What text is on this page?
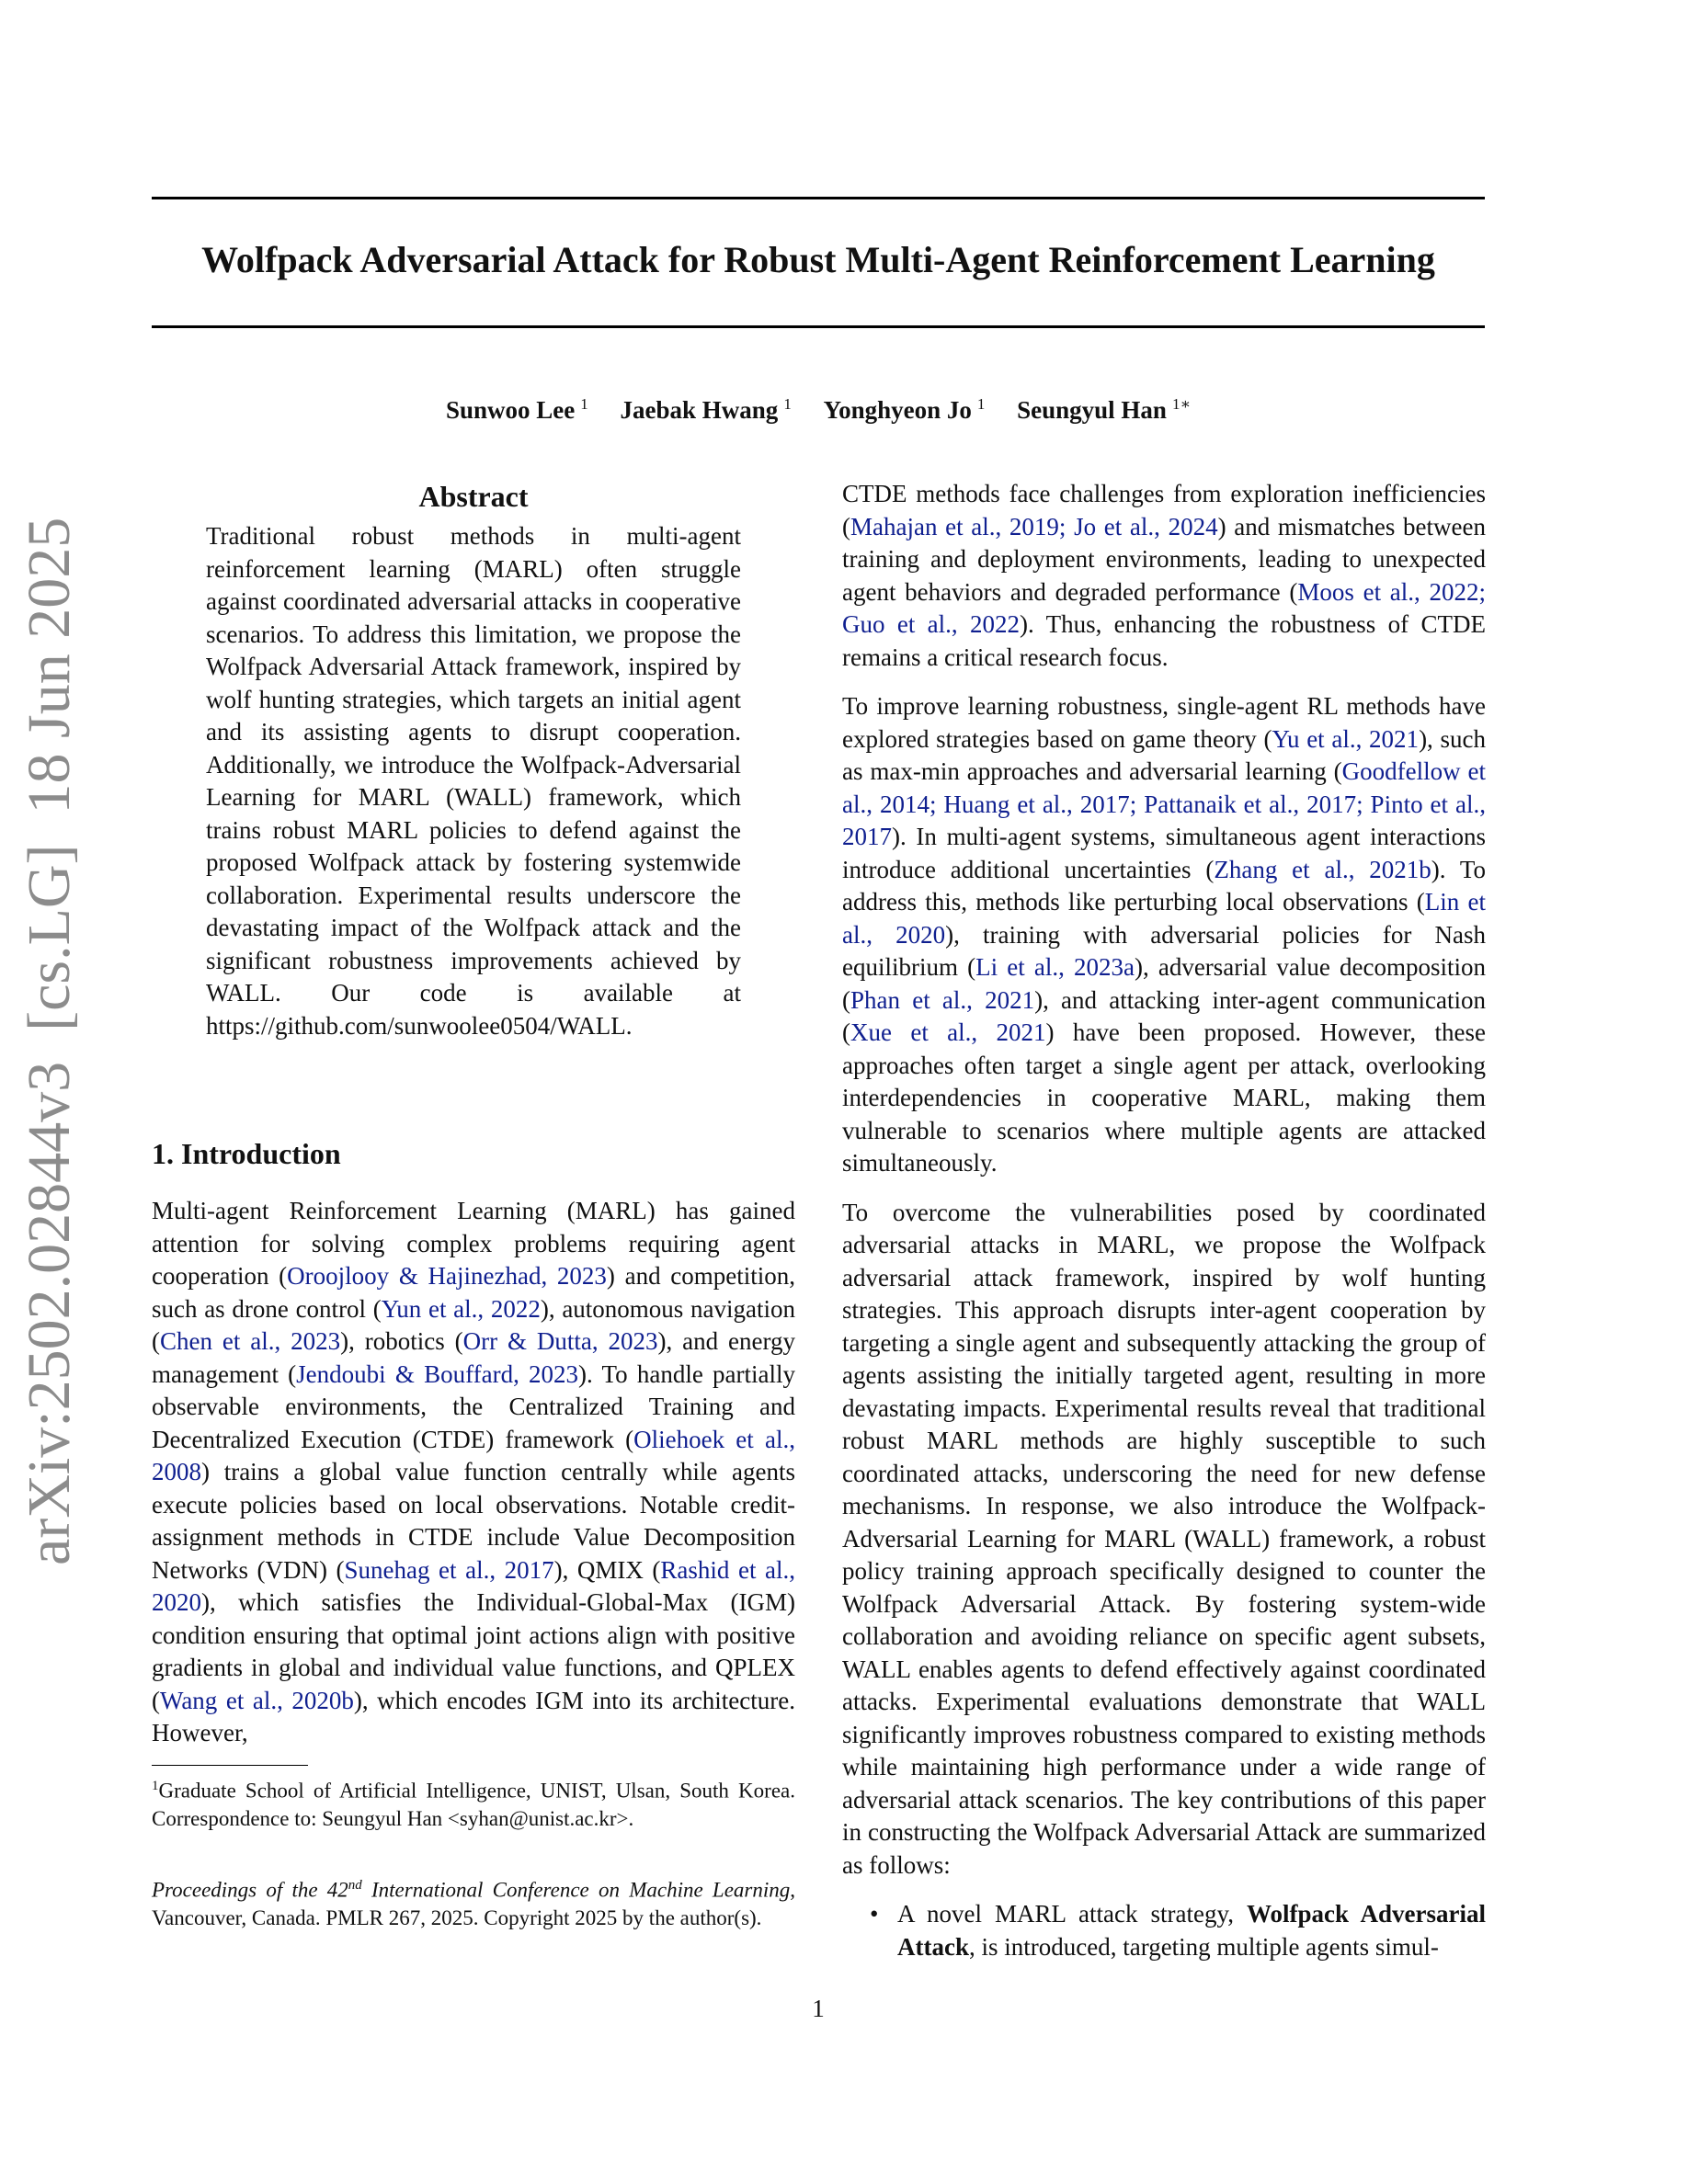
Wolfpack Adversarial Attack for Robust Multi-Agent Reinforcement Learning
Sunwoo Lee $^1$ Jaebak Hwang $^1$ Yonghyeon Jo $^1$ Seungyul Han $^{1∗}$
arXiv:2502.02844v3  [cs.LG]  18 Jun 2025
Abstract
Traditional robust methods in multi-agent reinforcement learning (MARL) often struggle against coordinated adversarial attacks in cooperative scenarios. To address this limitation, we propose the Wolfpack Adversarial Attack framework, inspired by wolf hunting strategies, which targets an initial agent and its assisting agents to disrupt cooperation. Additionally, we introduce the Wolfpack-Adversarial Learning for MARL (WALL) framework, which trains robust MARL policies to defend against the proposed Wolfpack attack by fostering systemwide collaboration. Experimental results underscore the devastating impact of the Wolfpack attack and the significant robustness improvements achieved by WALL. Our code is available at https://github.com/sunwoolee0504/WALL.
1. Introduction

Multi-agent Reinforcement Learning (MARL) has gained attention for solving complex problems requiring agent cooperation (Oroojlooy & Hajinezhad, 2023) and competition, such as drone control (Yun et al., 2022), autonomous navigation (Chen et al., 2023), robotics (Orr & Dutta, 2023), and energy management (Jendoubi & Bouffard, 2023). To handle partially observable environments, the Centralized Training and Decentralized Execution (CTDE) framework (Oliehoek et al., 2008) trains a global value function centrally while agents execute policies based on local observations. Notable credit-assignment methods in CTDE include Value Decomposition Networks (VDN) (Sunehag et al., 2017), QMIX (Rashid et al., 2020), which satisfies the Individual-Global-Max (IGM) condition ensuring that optimal joint actions align with positive gradients in global and individual value functions, and QPLEX (Wang et al., 2020b), which encodes IGM into its architecture. However,

$^1$Graduate School of Artificial Intelligence, UNIST, Ulsan, South Korea. Correspondence to: Seungyul Han <syhan@unist.ac.kr>.
Proceedings of the 42nd International Conference on Machine Learning, Vancouver, Canada. PMLR 267, 2025. Copyright 2025 by the author(s).

CTDE methods face challenges from exploration inefficiencies (Mahajan et al., 2019; Jo et al., 2024) and mismatches between training and deployment environments, leading to unexpected agent behaviors and degraded performance (Moos et al., 2022; Guo et al., 2022). Thus, enhancing the robustness of CTDE remains a critical research focus.

To improve learning robustness, single-agent RL methods have explored strategies based on game theory (Yu et al., 2021), such as max-min approaches and adversarial learning (Goodfellow et al., 2014; Huang et al., 2017; Pattanaik et al., 2017; Pinto et al., 2017). In multi-agent systems, simultaneous agent interactions introduce additional uncertainties (Zhang et al., 2021b). To address this, methods like perturbing local observations (Lin et al., 2020), training with adversarial policies for Nash equilibrium (Li et al., 2023a), adversarial value decomposition (Phan et al., 2021), and attacking inter-agent communication (Xue et al., 2021) have been proposed. However, these approaches often target a single agent per attack, overlooking interdependencies in cooperative MARL, making them vulnerable to scenarios where multiple agents are attacked simultaneously.

To overcome the vulnerabilities posed by coordinated adversarial attacks in MARL, we propose the Wolfpack adversarial attack framework, inspired by wolf hunting strategies. This approach disrupts inter-agent cooperation by targeting a single agent and subsequently attacking the group of agents assisting the initially targeted agent, resulting in more devastating impacts. Experimental results reveal that traditional robust MARL methods are highly susceptible to such coordinated attacks, underscoring the need for new defense mechanisms. In response, we also introduce the Wolfpack-Adversarial Learning for MARL (WALL) framework, a robust policy training approach specifically designed to counter the Wolfpack Adversarial Attack. By fostering system-wide collaboration and avoiding reliance on specific agent subsets, WALL enables agents to defend effectively against coordinated attacks. Experimental evaluations demonstrate that WALL significantly improves robustness compared to existing methods while maintaining high performance under a wide range of adversarial attack scenarios. The key contributions of this paper in constructing the Wolfpack Adversarial Attack are summarized as follows:

• A novel MARL attack strategy, Wolfpack Adversarial Attack, is introduced, targeting multiple agents simul-
1
